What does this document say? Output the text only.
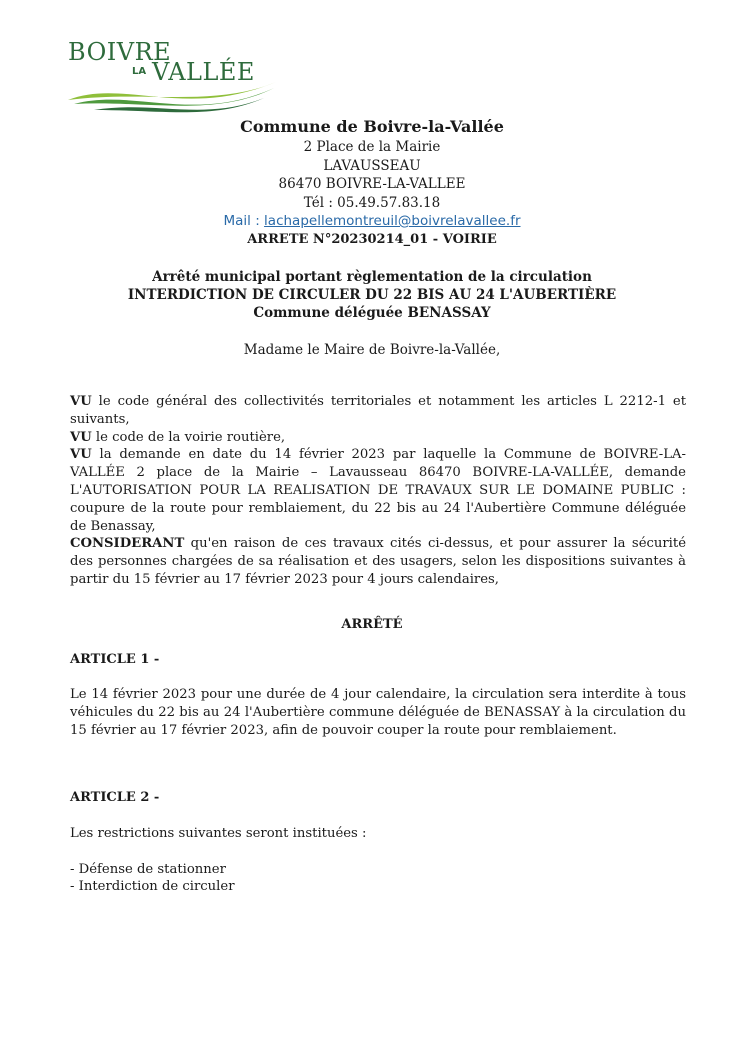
BOIVRE
LA VALLÉE
Commune de Boivre-la-Vallée
2 Place de la Mairie
LAVAUSSEAU
86470 BOIVRE-LA-VALLEE
Tél : 05.49.57.83.18
Mail : lachapellemontreuil@boivrelavallee.fr
ARRETE N°20230214_01 - VOIRIE
Arrêté municipal portant règlementation de la circulation
INTERDICTION DE CIRCULER DU 22 BIS AU 24 L'AUBERTIÈRE
Commune déléguée BENASSAY
Madame le Maire de Boivre-la-Vallée,

VU le code général des collectivités territoriales et notamment les articles L 2212-1 et suivants,

VU le code de la voirie routière,

VU la demande en date du 14 février 2023 par laquelle la Commune de BOIVRE-LA-VALLÉE 2 place de la Mairie – Lavausseau 86470 BOIVRE-LA-VALLÉE, demande L'AUTORISATION POUR LA REALISATION DE TRAVAUX SUR LE DOMAINE PUBLIC : coupure de la route pour remblaiement, du 22 bis au 24 l'Aubertière Commune déléguée de Benassay,

CONSIDERANT qu'en raison de ces travaux cités ci-dessus, et pour assurer la sécurité des personnes chargées de sa réalisation et des usagers, selon les dispositions suivantes à partir du 15 février au 17 février 2023 pour 4 jours calendaires,

ARRÊTÉ
ARTICLE 1 -
Le 14 février 2023 pour une durée de 4 jour calendaire, la circulation sera interdite à tous véhicules du 22 bis au 24 l'Aubertière commune déléguée de BENASSAY à la circulation du 15 février au 17 février 2023, afin de pouvoir couper la route pour remblaiement.
ARTICLE 2 -

Les restrictions suivantes seront instituées :

- Défense de stationner

- Interdiction de circuler
